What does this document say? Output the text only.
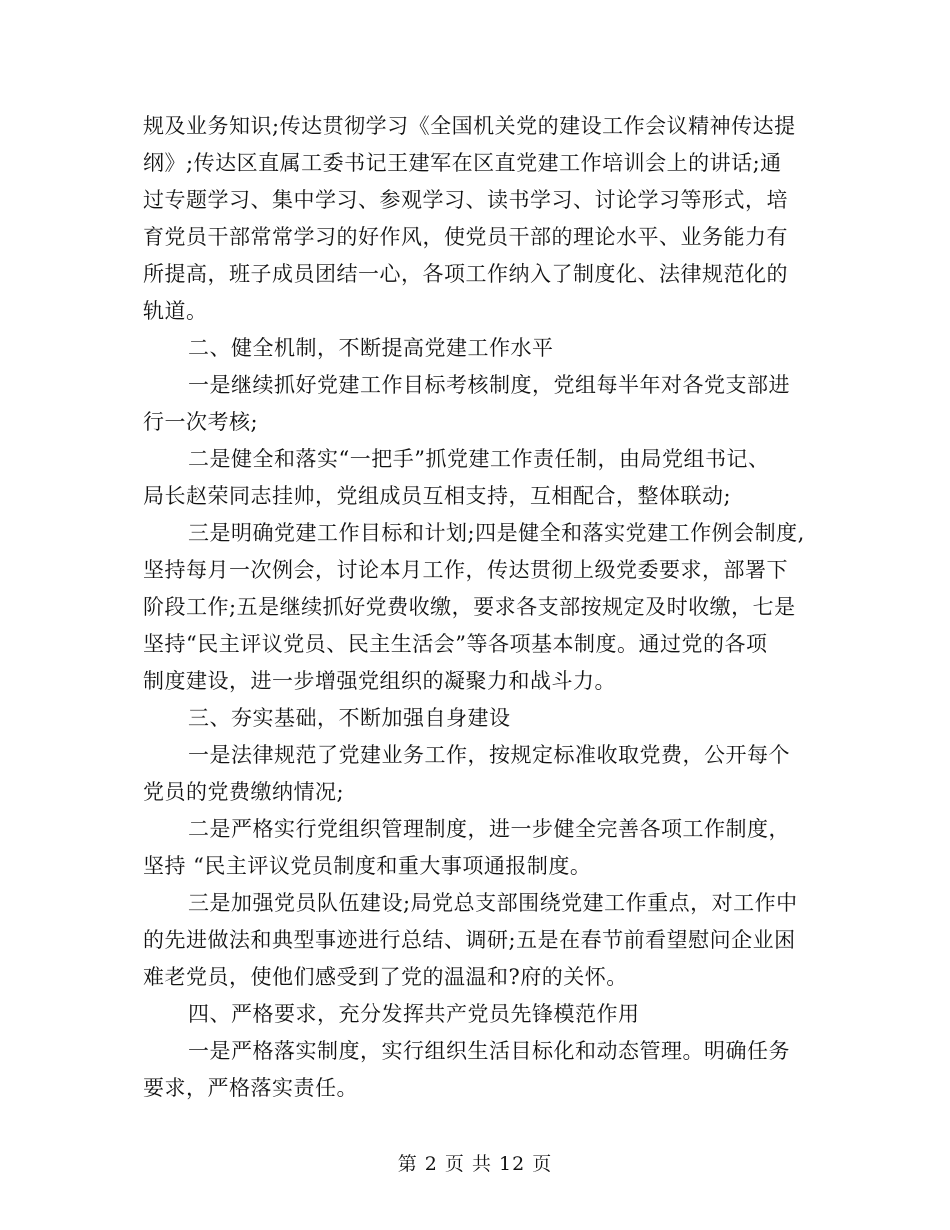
规及业务知识;传达贯彻学习《全国机关党的建设工作会议精神传达提
纲》;传达区直属工委书记王建军在区直党建工作培训会上的讲话;通
过专题学习、集中学习、参观学习、读书学习、讨论学习等形式，培
育党员干部常常学习的好作风，使党员干部的理论水平、业务能力有
所提高，班子成员团结一心，各项工作纳入了制度化、法律规范化的
轨道。
二、健全机制，不断提高党建工作水平
一是继续抓好党建工作目标考核制度，党组每半年对各党支部进
行一次考核;
二是健全和落实“一把手”抓党建工作责任制，由局党组书记、
局长赵荣同志挂帅，党组成员互相支持，互相配合，整体联动;
三是明确党建工作目标和计划;四是健全和落实党建工作例会制度,
坚持每月一次例会，讨论本月工作，传达贯彻上级党委要求，部署下
阶段工作;五是继续抓好党费收缴，要求各支部按规定及时收缴，七是
坚持“民主评议党员、民主生活会”等各项基本制度。通过党的各项
制度建设，进一步增强党组织的凝聚力和战斗力。
三、夯实基础，不断加强自身建设
一是法律规范了党建业务工作，按规定标准收取党费，公开每个
党员的党费缴纳情况;
二是严格实行党组织管理制度，进一步健全完善各项工作制度，
坚持 “民主评议党员制度和重大事项通报制度。
三是加强党员队伍建设;局党总支部围绕党建工作重点，对工作中
的先进做法和典型事迹进行总结、调研;五是在春节前看望慰问企业困
难老党员，使他们感受到了党的温温和?府的关怀。
四、严格要求，充分发挥共产党员先锋模范作用
一是严格落实制度，实行组织生活目标化和动态管理。明确任务
要求，严格落实责任。
第 2 页 共 12 页
